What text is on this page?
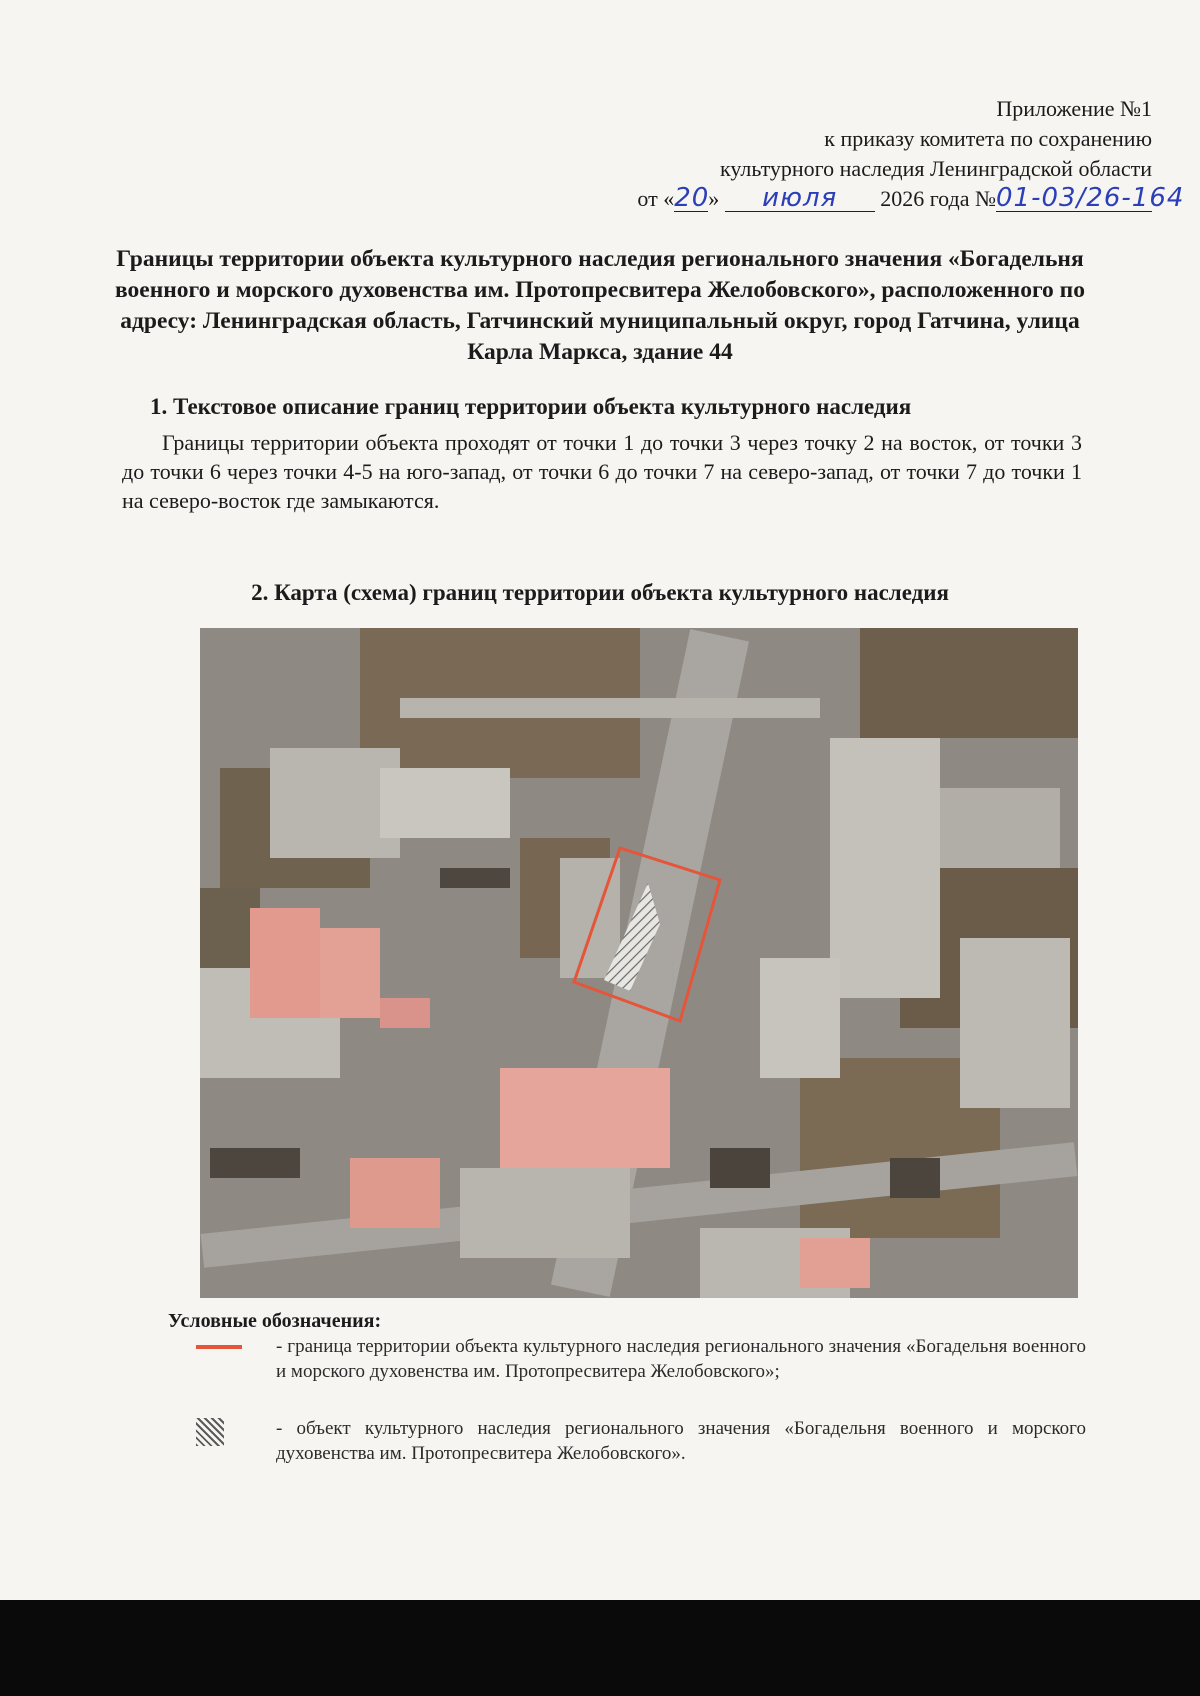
Приложение №1
к приказу комитета по сохранению
культурного наследия Ленинградской области
от «20» июля 2026 года №01-03/26-164
Границы территории объекта культурного наследия регионального значения «Богадельня военного и морского духовенства им. Протопресвитера Желобовского», расположенного по адресу: Ленинградская область, Гатчинский муниципальный округ, город Гатчина, улица Карла Маркса, здание 44
1. Текстовое описание границ территории объекта культурного наследия
Границы территории объекта проходят от точки 1 до точки 3 через точку 2 на восток, от точки 3 до точки 6 через точки 4-5 на юго-запад, от точки 6 до точки 7 на северо-запад, от точки 7 до точки 1 на северо-восток где замыкаются.
2. Карта (схема) границ территории объекта культурного наследия
Условные обозначения:
- граница территории объекта культурного наследия регионального значения «Богадельня военного и морского духовенства им. Протопресвитера Желобовского»;
- объект культурного наследия регионального значения «Богадельня военного и морского духовенства им. Протопресвитера Желобовского».
